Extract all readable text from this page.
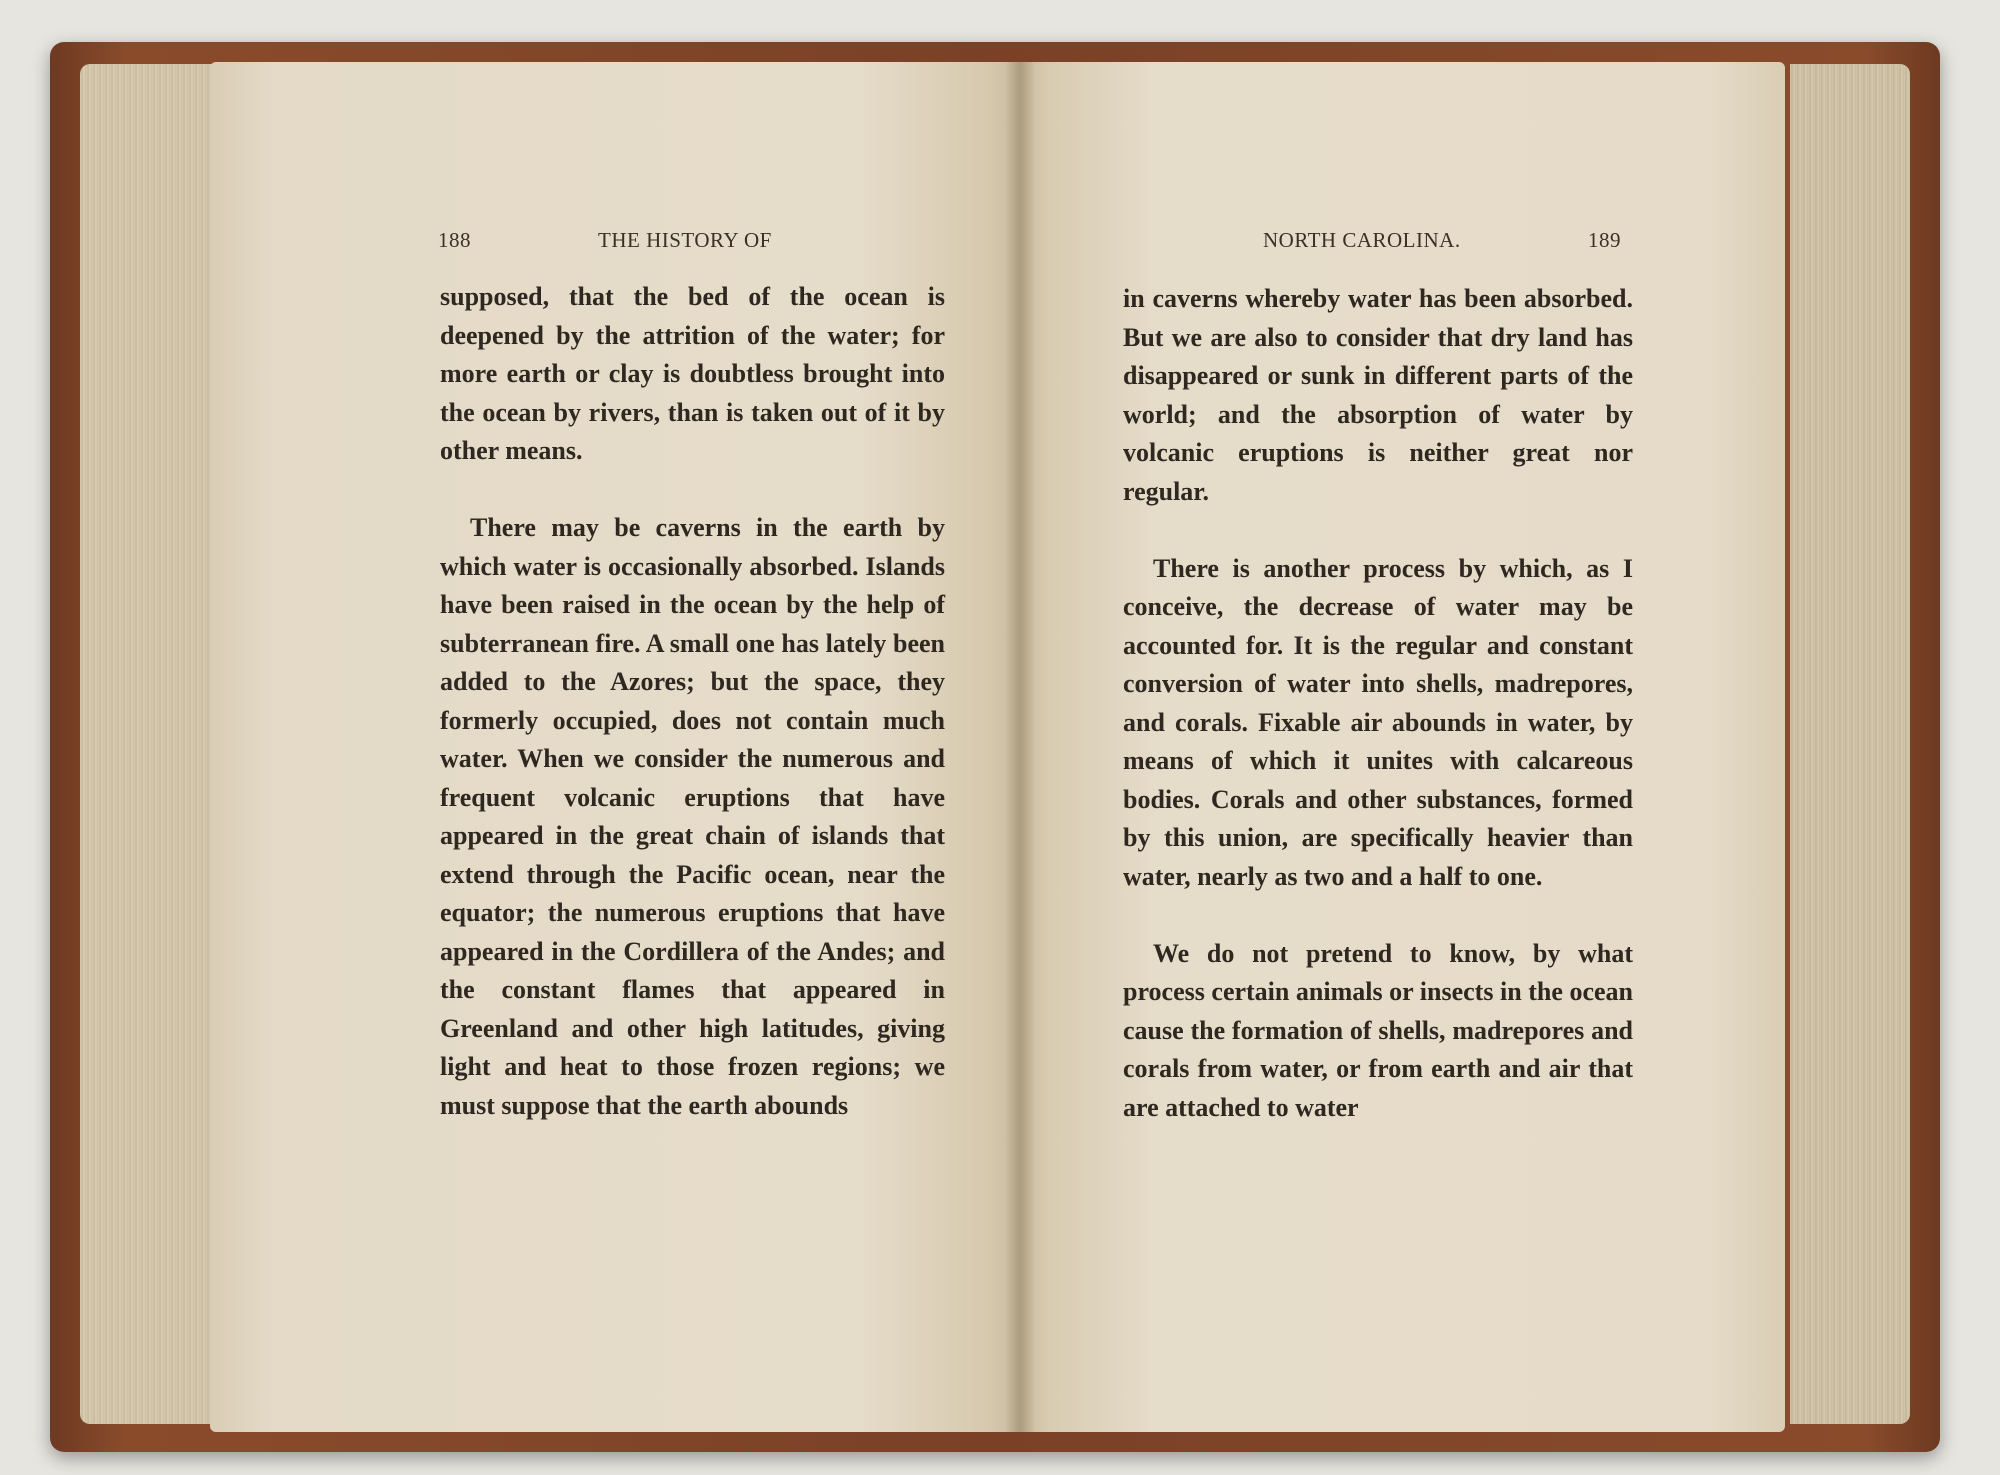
188	THE HISTORY OF	NORTH CAROLINA.	189

supposed, that the bed of the ocean is deepened by the attrition of the water; for more earth or clay is doubtless brought into the ocean by rivers, than is taken out of it by other means.

There may be caverns in the earth by which water is occasionally absorbed. Islands have been raised in the ocean by the help of subterranean fire. A small one has lately been added to the Azores; but the space, they formerly occupied, does not contain much water. When we consider the numerous and frequent volcanic eruptions that have appeared in the great chain of islands that extend through the Pacific ocean, near the equator; the numerous eruptions that have appeared in the Cordillera of the Andes; and the constant flames that appeared in Greenland and other high latitudes, giving light and heat to those frozen regions; we must suppose that the earth abounds

in caverns whereby water has been absorbed. But we are also to consider that dry land has disappeared or sunk in different parts of the world; and the absorption of water by volcanic eruptions is neither great nor regular.

There is another process by which, as I conceive, the decrease of water may be accounted for. It is the regular and constant conversion of water into shells, madrepores, and corals. Fixable air abounds in water, by means of which it unites with calcareous bodies. Corals and other substances, formed by this union, are specifically heavier than water, nearly as two and a half to one.

We do not pretend to know, by what process certain animals or insects in the ocean cause the formation of shells, madrepores and corals from water, or from earth and air that are attached to water
